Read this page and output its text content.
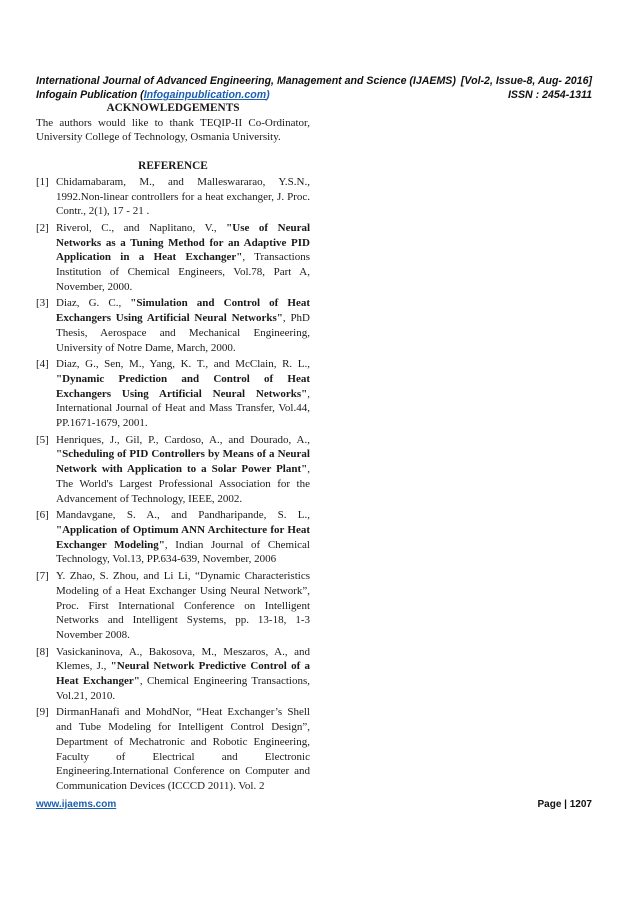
International Journal of Advanced Engineering, Management and Science (IJAEMS) [Vol-2, Issue-8, Aug- 2016]
Infogain Publication (Infogainpublication.com)	ISSN : 2454-1311
ACKNOWLEDGEMENTS
The authors would like to thank TEQIP-II Co-Ordinator, University College of Technology, Osmania University.
REFERENCE
[1] Chidamabaram, M., and Malleswararao, Y.S.N., 1992.Non-linear controllers for a heat exchanger, J. Proc. Contr., 2(1), 17 - 21 .
[2] Riverol, C., and Naplitano, V., "Use of Neural Networks as a Tuning Method for an Adaptive PID Application in a Heat Exchanger", Transactions Institution of Chemical Engineers, Vol.78, Part A, November, 2000.
[3] Diaz, G. C., "Simulation and Control of Heat Exchangers Using Artificial Neural Networks", PhD Thesis, Aerospace and Mechanical Engineering, University of Notre Dame, March, 2000.
[4] Diaz, G., Sen, M., Yang, K. T., and McClain, R. L., "Dynamic Prediction and Control of Heat Exchangers Using Artificial Neural Networks", International Journal of Heat and Mass Transfer, Vol.44, PP.1671-1679, 2001.
[5] Henriques, J., Gil, P., Cardoso, A., and Dourado, A., "Scheduling of PID Controllers by Means of a Neural Network with Application to a Solar Power Plant", The World's Largest Professional Association for the Advancement of Technology, IEEE, 2002.
[6] Mandavgane, S. A., and Pandharipande, S. L., "Application of Optimum ANN Architecture for Heat Exchanger Modeling", Indian Journal of Chemical Technology, Vol.13, PP.634-639, November, 2006
[7] Y. Zhao, S. Zhou, and Li Li, “Dynamic Characteristics Modeling of a Heat Exchanger Using Neural Network”, Proc. First International Conference on Intelligent Networks and Intelligent Systems, pp. 13-18, 1-3 November 2008.
[8] Vasickaninova, A., Bakosova, M., Meszaros, A., and Klemes, J., "Neural Network Predictive Control of a Heat Exchanger", Chemical Engineering Transactions, Vol.21, 2010.
[9] DirmanHanafi and MohdNor, “Heat Exchanger’s Shell and Tube Modeling for Intelligent Control Design”, Department of Mechatronic and Robotic Engineering, Faculty of Electrical and Electronic Engineering.International Conference on Computer and Communication Devices (ICCCD 2011). Vol. 2
www.ijaems.com	Page | 1207
